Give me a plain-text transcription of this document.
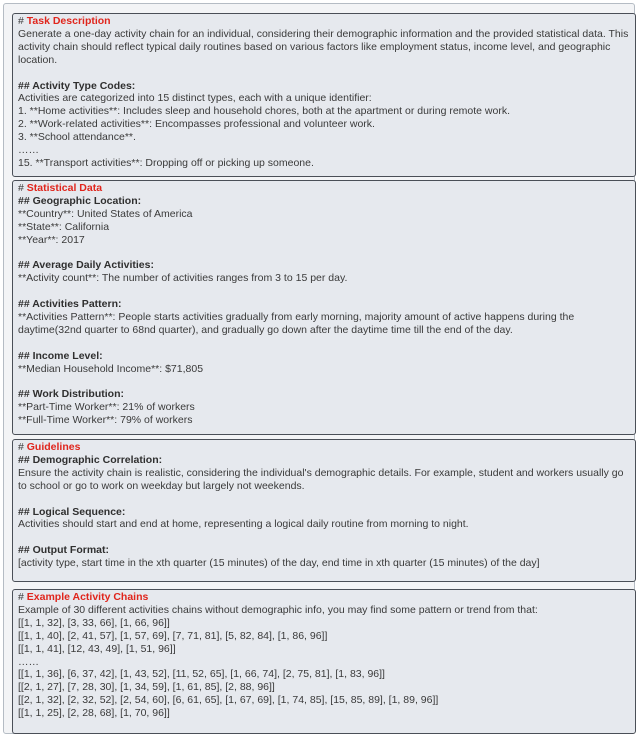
# Task Description
Generate a one-day activity chain for an individual, considering their demographic information and the provided statistical data. This activity chain should reflect typical daily routines based on various factors like employment status, income level, and geographic location.
## Activity Type Codes:
Activities are categorized into 15 distinct types, each with a unique identifier:
1. **Home activities**: Includes sleep and household chores, both at the apartment or during remote work.
2. **Work-related activities**: Encompasses professional and volunteer work.
3. **School attendance**.
……
15. **Transport activities**: Dropping off or picking up someone.
# Statistical Data
## Geographic Location:
**Country**: United States of America
**State**: California
**Year**: 2017
## Average Daily Activities:
**Activity count**: The number of activities ranges from 3 to 15 per day.
## Activities Pattern:
**Activities Pattern**: People starts activities gradually from early morning, majority amount of active happens during the daytime(32nd quarter to 68nd quarter), and gradually go down after the daytime time till the end of the day.
## Income Level:
**Median Household Income**: $71,805
## Work Distribution:
**Part-Time Worker**: 21% of workers
**Full-Time Worker**: 79% of workers
# Guidelines
## Demographic Correlation:
Ensure the activity chain is realistic, considering the individual's demographic details. For example, student and workers usually go to school or go to work on weekday but largely not weekends.
## Logical Sequence:
Activities should start and end at home, representing a logical daily routine from morning to night.
## Output Format:
[activity type, start time in the xth quarter (15 minutes) of the day, end time in xth quarter (15 minutes) of the day]
# Example Activity Chains
Example of 30 different activities chains without demographic info, you may find some pattern or trend from that:
[[1, 1, 32], [3, 33, 66], [1, 66, 96]]
[[1, 1, 40], [2, 41, 57], [1, 57, 69], [7, 71, 81], [5, 82, 84], [1, 86, 96]]
[[1, 1, 41], [12, 43, 49], [1, 51, 96]]
……
[[1, 1, 36], [6, 37, 42], [1, 43, 52], [11, 52, 65], [1, 66, 74], [2, 75, 81], [1, 83, 96]]
[[2, 1, 27], [7, 28, 30], [1, 34, 59], [1, 61, 85], [2, 88, 96]]
[[2, 1, 32], [2, 32, 52], [2, 54, 60], [6, 61, 65], [1, 67, 69], [1, 74, 85], [15, 85, 89], [1, 89, 96]]
[[1, 1, 25], [2, 28, 68], [1, 70, 96]]
